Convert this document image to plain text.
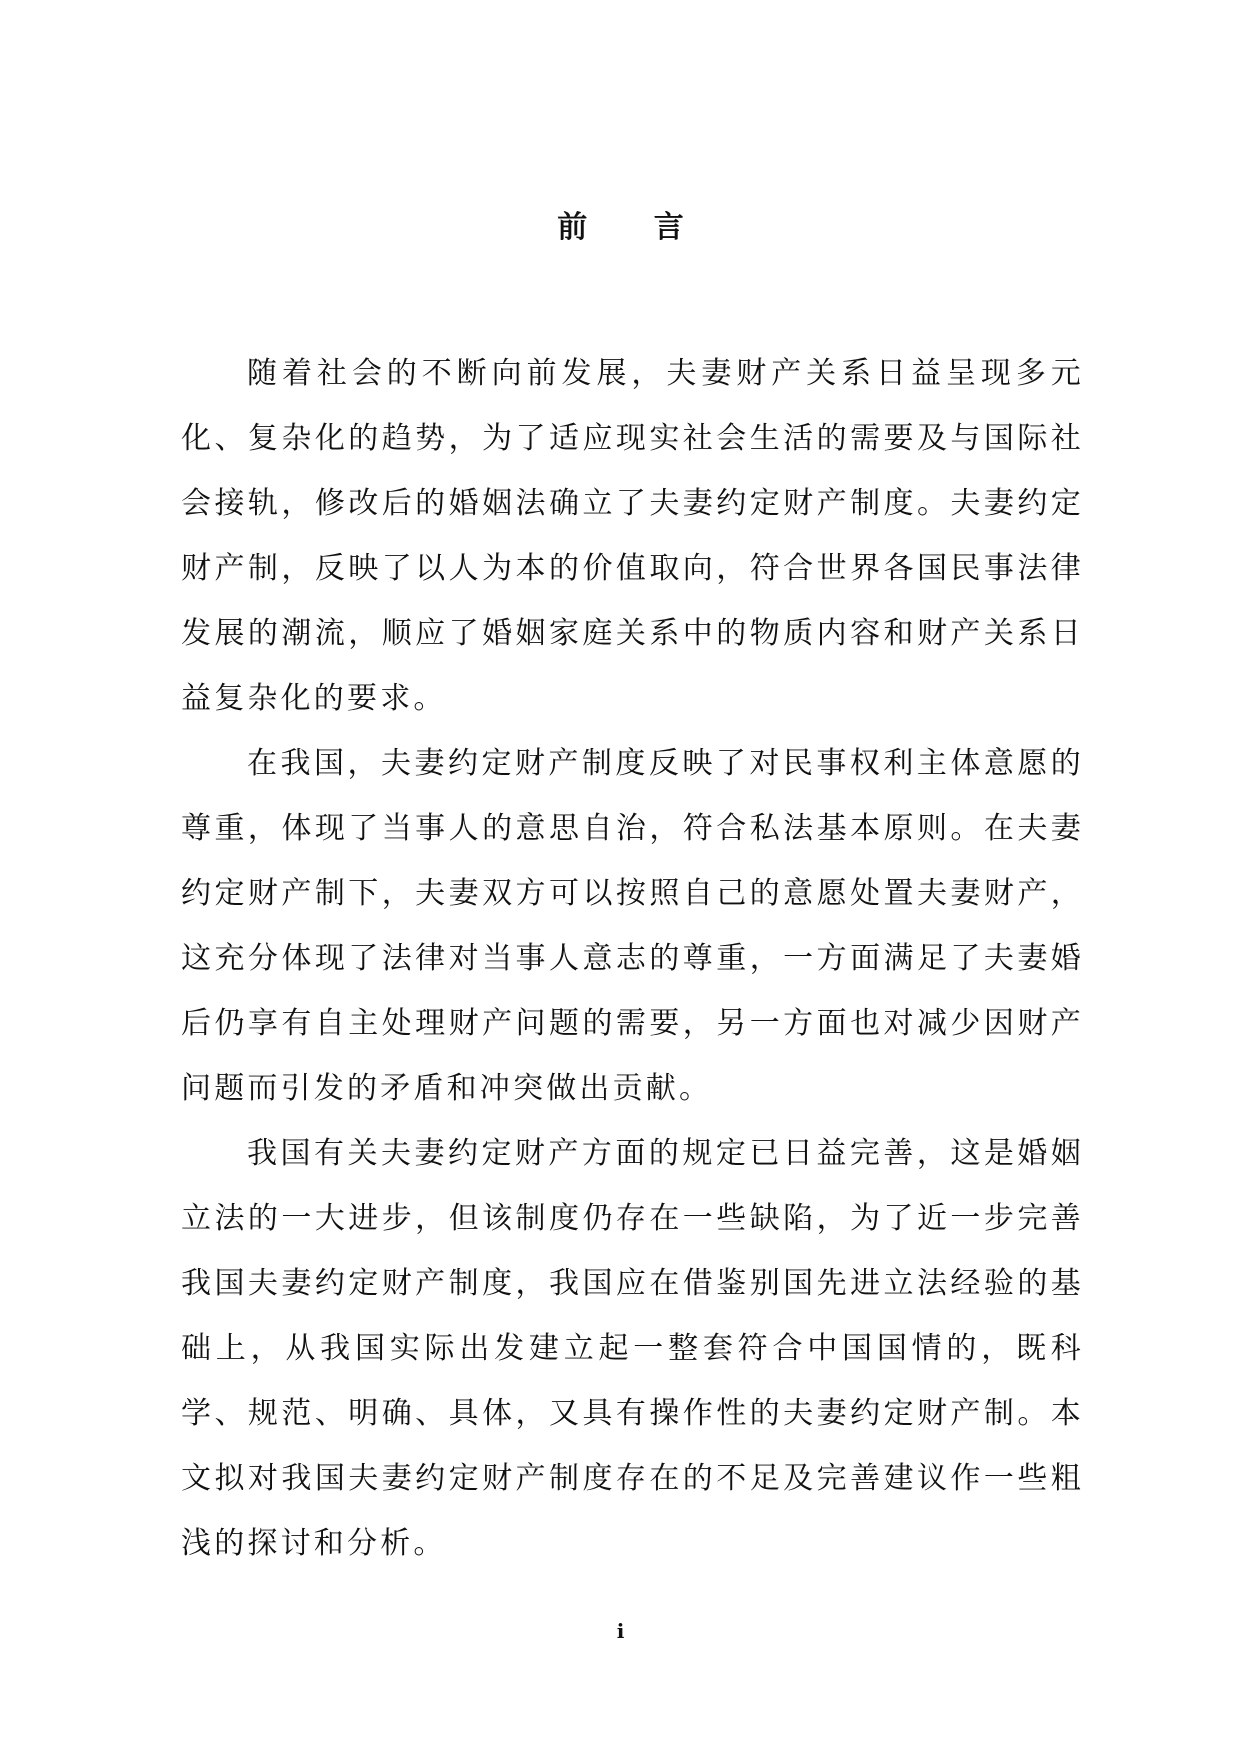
前 言

随着社会的不断向前发展，夫妻财产关系日益呈现多元化、复杂化的趋势，为了适应现实社会生活的需要及与国际社会接轨，修改后的婚姻法确立了夫妻约定财产制度。夫妻约定财产制，反映了以人为本的价值取向，符合世界各国民事法律发展的潮流，顺应了婚姻家庭关系中的物质内容和财产关系日益复杂化的要求。

在我国，夫妻约定财产制度反映了对民事权利主体意愿的尊重，体现了当事人的意思自治，符合私法基本原则。在夫妻约定财产制下，夫妻双方可以按照自己的意愿处置夫妻财产，这充分体现了法律对当事人意志的尊重，一方面满足了夫妻婚后仍享有自主处理财产问题的需要，另一方面也对减少因财产问题而引发的矛盾和冲突做出贡献。

我国有关夫妻约定财产方面的规定已日益完善，这是婚姻立法的一大进步，但该制度仍存在一些缺陷，为了近一步完善我国夫妻约定财产制度，我国应在借鉴别国先进立法经验的基础上，从我国实际出发建立起一整套符合中国国情的，既科学、规范、明确、具体，又具有操作性的夫妻约定财产制。本文拟对我国夫妻约定财产制度存在的不足及完善建议作一些粗浅的探讨和分析。

i
